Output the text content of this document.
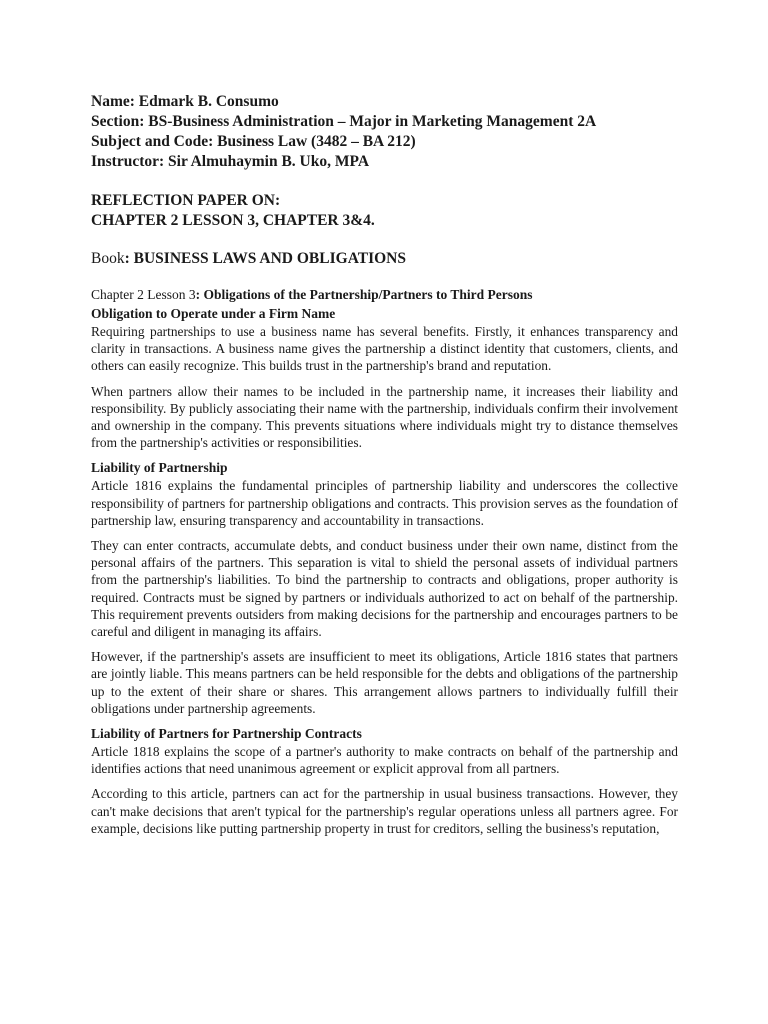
Name: Edmark B. Consumo

Section: BS-Business Administration – Major in Marketing Management 2A

Subject and Code: Business Law (3482 – BA 212)

Instructor: Sir Almuhaymin B. Uko, MPA

REFLECTION PAPER ON:

CHAPTER 2 LESSON 3, CHAPTER 3&4.

Book: BUSINESS LAWS AND OBLIGATIONS
Chapter 2 Lesson 3: Obligations of the Partnership/Partners to Third Persons
Obligation to Operate under a Firm Name

Requiring partnerships to use a business name has several benefits. Firstly, it enhances transparency and clarity in transactions. A business name gives the partnership a distinct identity that customers, clients, and others can easily recognize. This builds trust in the partnership's brand and reputation.

When partners allow their names to be included in the partnership name, it increases their liability and responsibility. By publicly associating their name with the partnership, individuals confirm their involvement and ownership in the company. This prevents situations where individuals might try to distance themselves from the partnership's activities or responsibilities.

Liability of Partnership

Article 1816 explains the fundamental principles of partnership liability and underscores the collective responsibility of partners for partnership obligations and contracts. This provision serves as the foundation of partnership law, ensuring transparency and accountability in transactions.

They can enter contracts, accumulate debts, and conduct business under their own name, distinct from the personal affairs of the partners. This separation is vital to shield the personal assets of individual partners from the partnership's liabilities. To bind the partnership to contracts and obligations, proper authority is required. Contracts must be signed by partners or individuals authorized to act on behalf of the partnership. This requirement prevents outsiders from making decisions for the partnership and encourages partners to be careful and diligent in managing its affairs.

However, if the partnership's assets are insufficient to meet its obligations, Article 1816 states that partners are jointly liable. This means partners can be held responsible for the debts and obligations of the partnership up to the extent of their share or shares. This arrangement allows partners to individually fulfill their obligations under partnership agreements.

Liability of Partners for Partnership Contracts

Article 1818 explains the scope of a partner's authority to make contracts on behalf of the partnership and identifies actions that need unanimous agreement or explicit approval from all partners.

According to this article, partners can act for the partnership in usual business transactions. However, they can't make decisions that aren't typical for the partnership's regular operations unless all partners agree. For example, decisions like putting partnership property in trust for creditors, selling the business's reputation,
